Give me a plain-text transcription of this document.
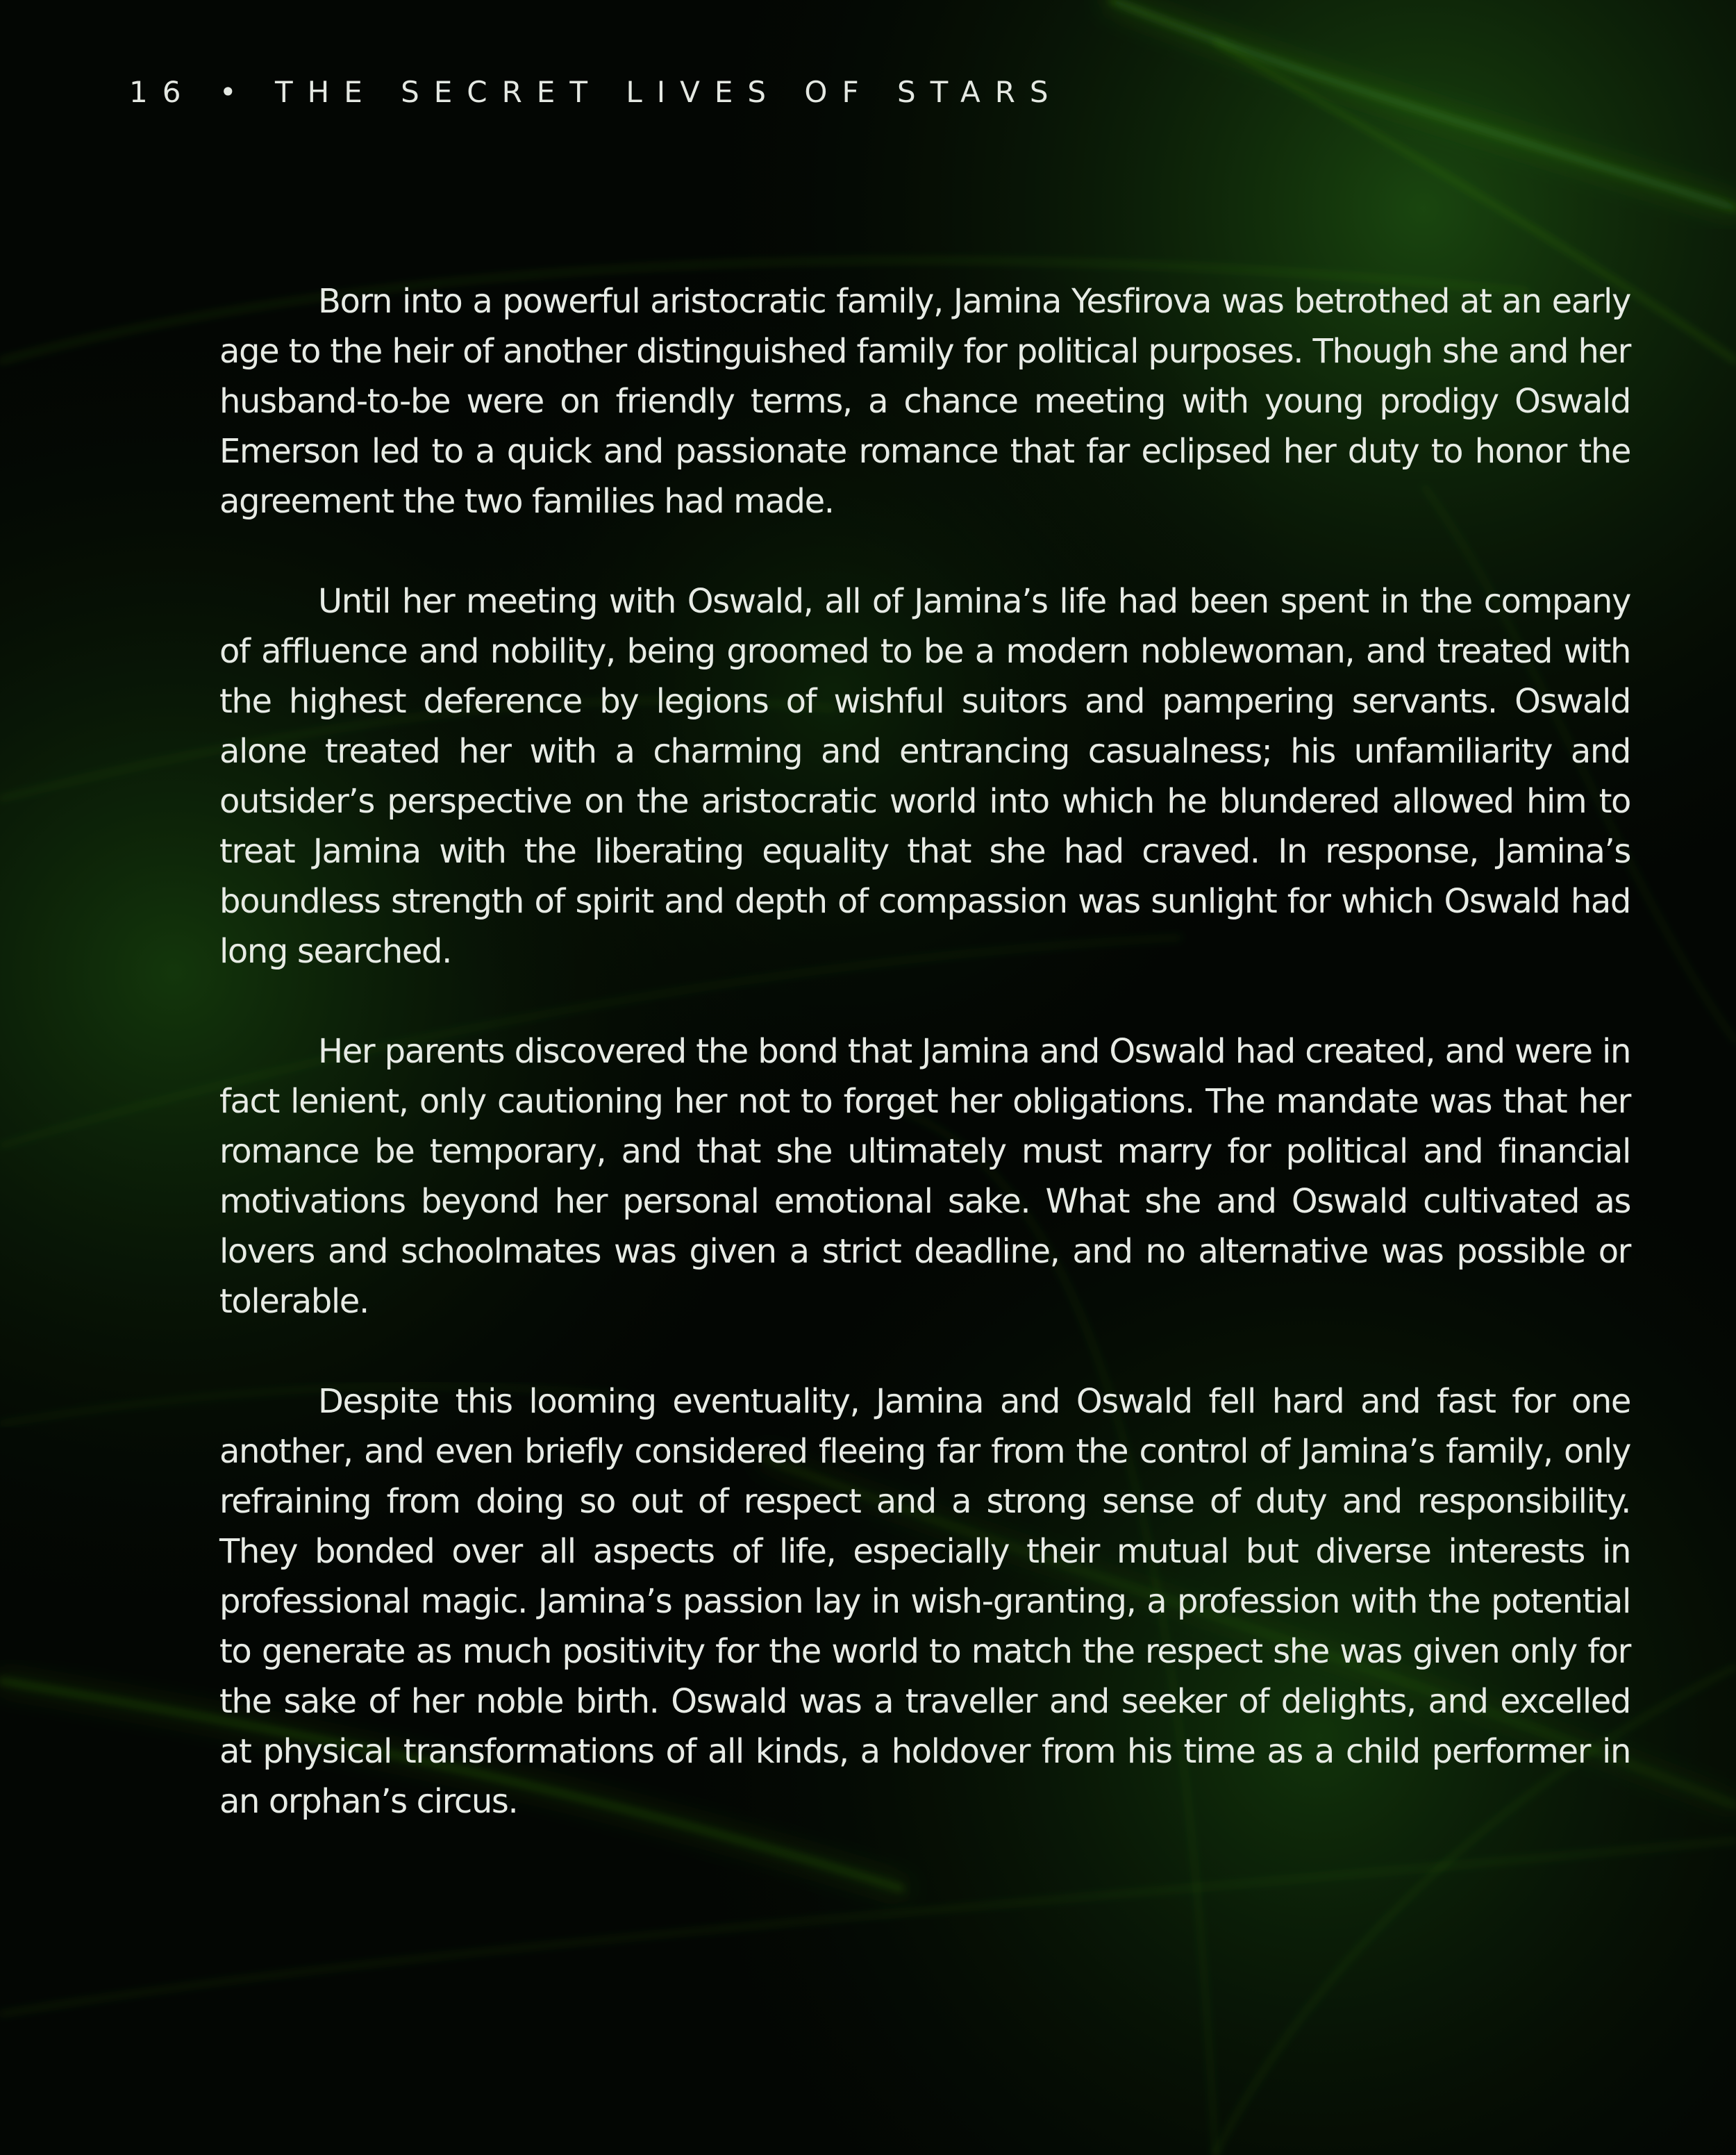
16 • THE SECRET LIVES OF STARS

Born into a powerful aristocratic family, Jamina Yesfirova was betrothed at an early age to the heir of another distinguished family for political purposes. Though she and her husband-to-be were on friendly terms, a chance meeting with young prodigy Oswald Emerson led to a quick and passionate romance that far eclipsed her duty to honor the agreement the two families had made.

Until her meeting with Oswald, all of Jamina’s life had been spent in the company of affluence and nobility, being groomed to be a modern noblewoman, and treated with the highest deference by legions of wishful suitors and pampering servants. Oswald alone treated her with a charming and entrancing casualness; his unfamiliarity and outsider’s perspective on the aristocratic world into which he blundered allowed him to treat Jamina with the liberating equality that she had craved. In response, Jamina’s boundless strength of spirit and depth of compassion was sunlight for which Oswald had long searched.

Her parents discovered the bond that Jamina and Oswald had created, and were in fact lenient, only cautioning her not to forget her obligations. The mandate was that her romance be temporary, and that she ultimately must marry for political and financial motivations beyond her personal emotional sake. What she and Oswald cultivated as lovers and schoolmates was given a strict deadline, and no alternative was possible or tolerable.

Despite this looming eventuality, Jamina and Oswald fell hard and fast for one another, and even briefly considered fleeing far from the control of Jamina’s family, only refraining from doing so out of respect and a strong sense of duty and responsibility. They bonded over all aspects of life, especially their mutual but diverse interests in professional magic. Jamina’s passion lay in wish-granting, a profession with the potential to generate as much positivity for the world to match the respect she was given only for the sake of her noble birth. Oswald was a traveller and seeker of delights, and excelled at physical transformations of all kinds, a holdover from his time as a child performer in an orphan’s circus.
